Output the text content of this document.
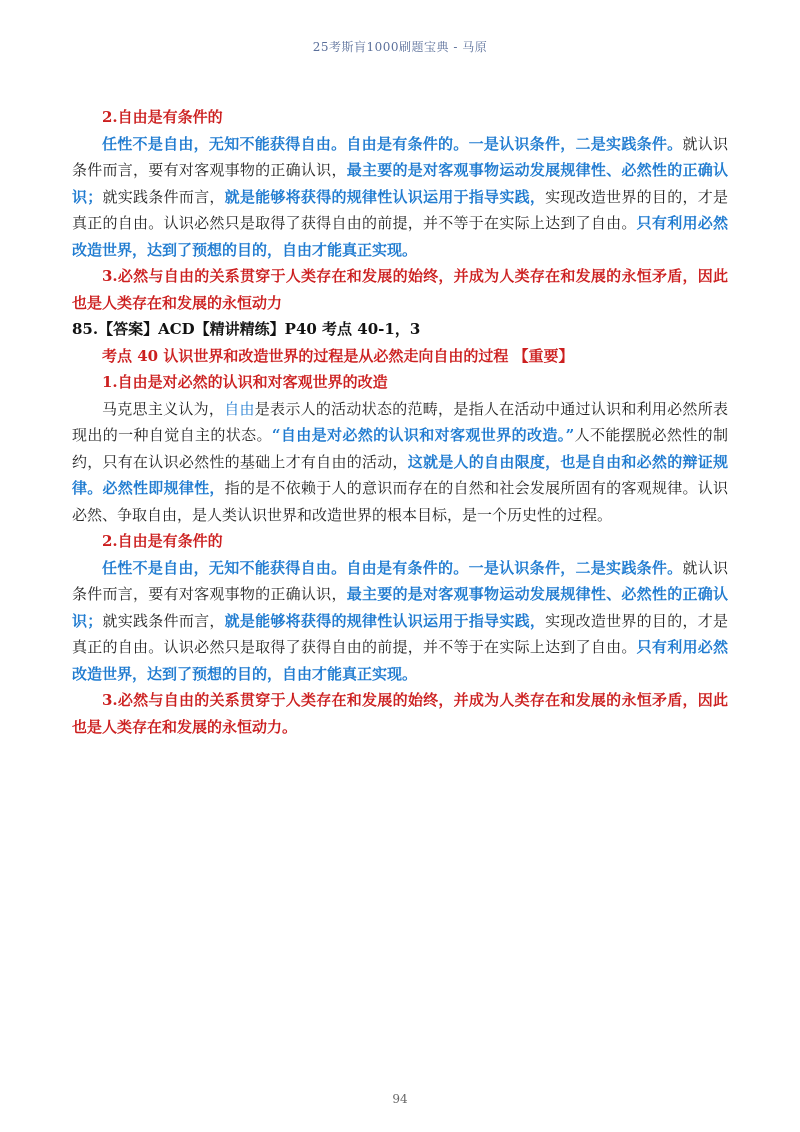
25考斯肓1000刷题宝典 - 马原

2.自由是有条件的

任性不是自由，无知不能获得自由。自由是有条件的。一是认识条件，二是实践条件。就认识条件而言，要有对客观事物的正确认识，最主要的是对客观事物运动发展规律性、必然性的正确认识；就实践条件而言，就是能够将获得的规律性认识运用于指导实践，实现改造世界的目的，才是真正的自由。认识必然只是取得了获得自由的前提，并不等于在实际上达到了自由。只有利用必然改造世界，达到了预想的目的，自由才能真正实现。

3.必然与自由的关系贯穿于人类存在和发展的始终，并成为人类存在和发展的永恒矛盾，因此也是人类存在和发展的永恒动力

85.【答案】ACD【精讲精练】P40 考点 40-1，3

考点 40 认识世界和改造世界的过程是从必然走向自由的过程 【重要】

1.自由是对必然的认识和对客观世界的改造

马克思主义认为，自由是表示人的活动状态的范畴，是指人在活动中通过认识和利用必然所表现出的一种自觉自主的状态。“自由是对必然的认识和对客观世界的改造。”人不能摆脱必然性的制约，只有在认识必然性的基础上才有自由的活动，这就是人的自由限度，也是自由和必然的辩证规律。必然性即规律性，指的是不依赖于人的意识而存在的自然和社会发展所固有的客观规律。认识必然、争取自由，是人类认识世界和改造世界的根本目标，是一个历史性的过程。

2.自由是有条件的

任性不是自由，无知不能获得自由。自由是有条件的。一是认识条件，二是实践条件。就认识条件而言，要有对客观事物的正确认识，最主要的是对客观事物运动发展规律性、必然性的正确认识；就实践条件而言，就是能够将获得的规律性认识运用于指导实践，实现改造世界的目的，才是真正的自由。认识必然只是取得了获得自由的前提，并不等于在实际上达到了自由。只有利用必然改造世界，达到了预想的目的，自由才能真正实现。

3.必然与自由的关系贯穿于人类存在和发展的始终，并成为人类存在和发展的永恒矛盾，因此也是人类存在和发展的永恒动力。

94
